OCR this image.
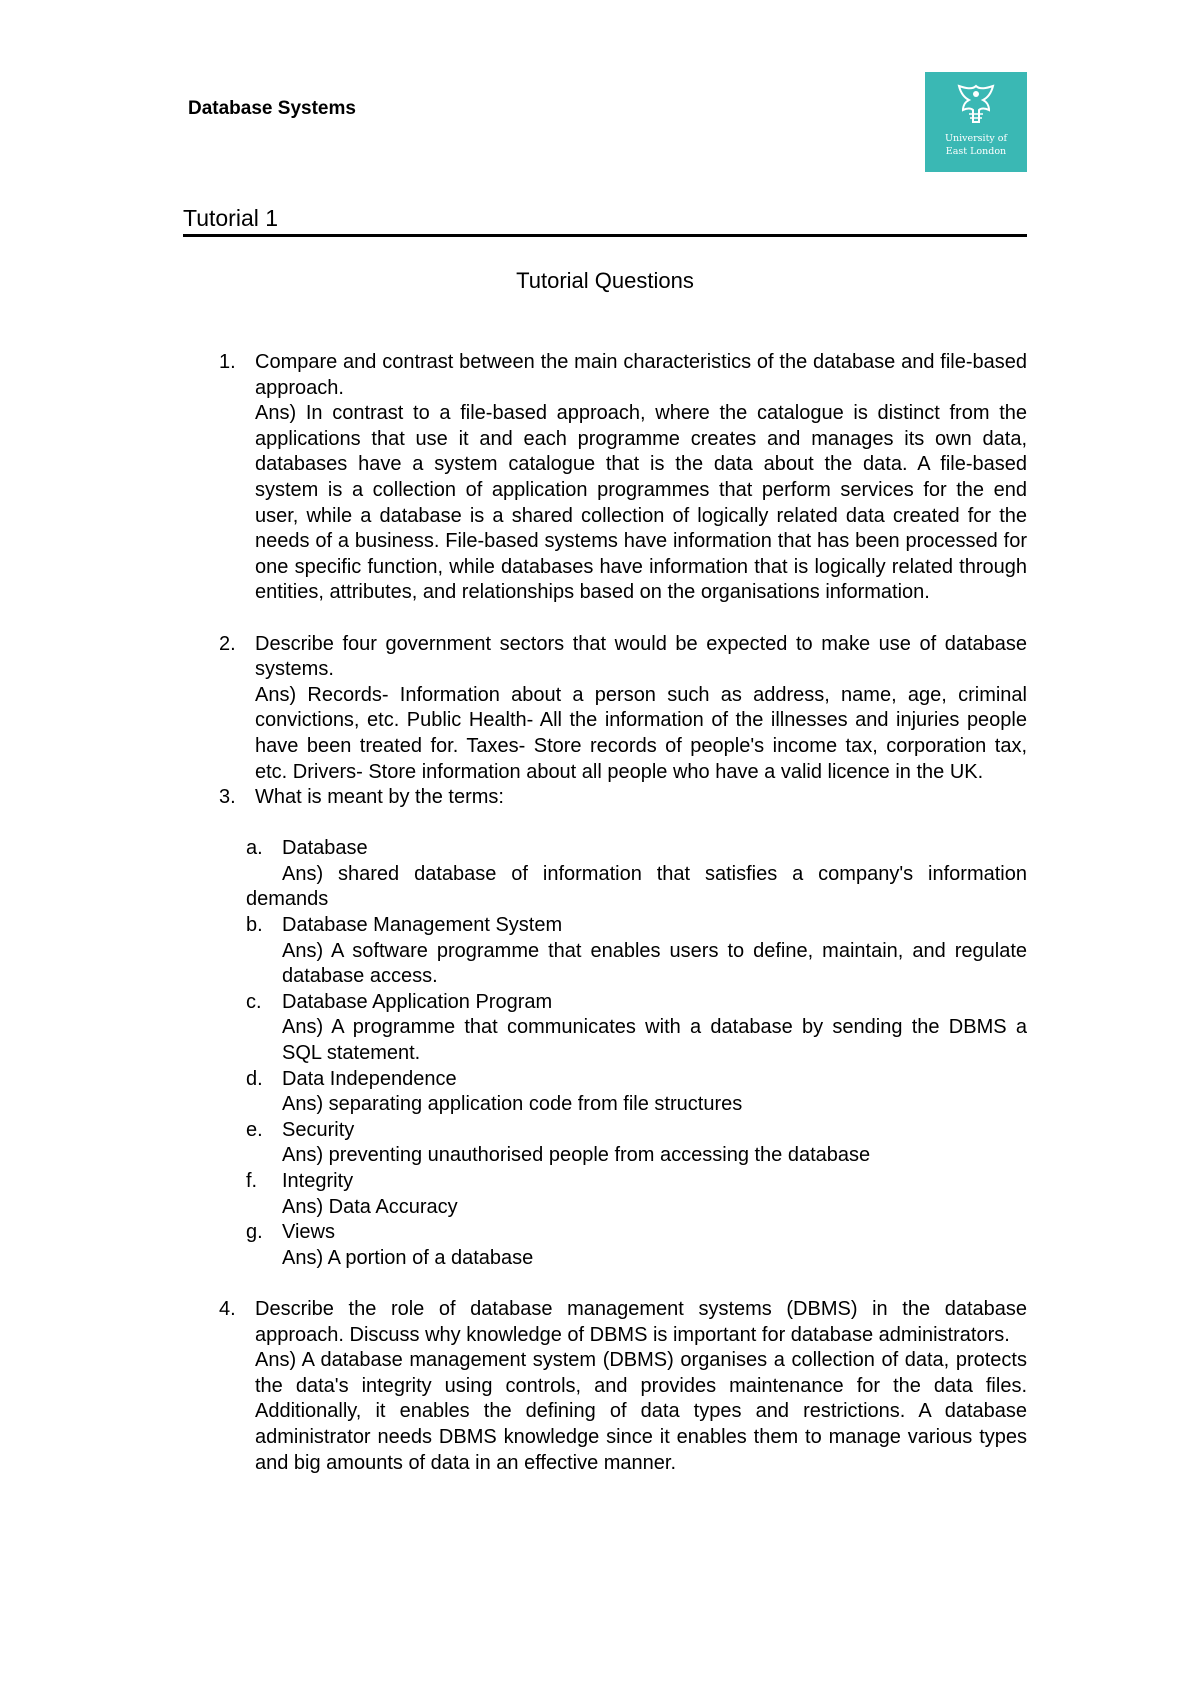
Database Systems
University of
East London
Tutorial 1
Tutorial Questions
1. Compare and contrast between the main characteristics of the database and file-based approach.

Ans) In contrast to a file-based approach, where the catalogue is distinct from the applications that use it and each programme creates and manages its own data, databases have a system catalogue that is the data about the data. A file-based system is a collection of application programmes that perform services for the end user, while a database is a shared collection of logically related data created for the needs of a business. File-based systems have information that has been processed for one specific function, while databases have information that is logically related through entities, attributes, and relationships based on the organisations information.

2. Describe four government sectors that would be expected to make use of database systems.

Ans) Records- Information about a person such as address, name, age, criminal convictions, etc. Public Health- All the information of the illnesses and injuries people have been treated for. Taxes- Store records of people's income tax, corporation tax, etc. Drivers- Store information about all people who have a valid licence in the UK.

3. What is meant by the terms:

a. Database

Ans) shared database of information that satisfies a company's information demands

b. Database Management System

Ans) A software programme that enables users to define, maintain, and regulate database access.

c. Database Application Program

Ans) A programme that communicates with a database by sending the DBMS a SQL statement.

d. Data Independence

Ans) separating application code from file structures

e. Security

Ans) preventing unauthorised people from accessing the database

f. Integrity

Ans) Data Accuracy

g. Views

Ans) A portion of a database

4. Describe the role of database management systems (DBMS) in the database approach. Discuss why knowledge of DBMS is important for database administrators.

Ans) A database management system (DBMS) organises a collection of data, protects the data's integrity using controls, and provides maintenance for the data files. Additionally, it enables the defining of data types and restrictions. A database administrator needs DBMS knowledge since it enables them to manage various types and big amounts of data in an effective manner.
